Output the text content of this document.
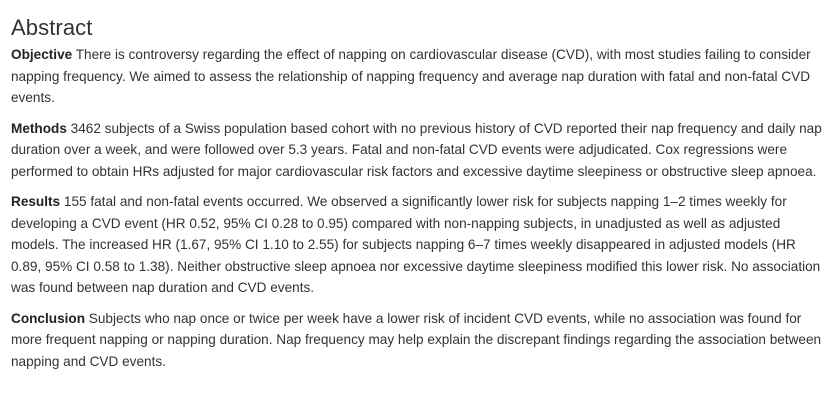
Abstract

Objective There is controversy regarding the effect of napping on cardiovascular disease (CVD), with most studies failing to consider napping frequency. We aimed to assess the relationship of napping frequency and average nap duration with fatal and non-fatal CVD events.

Methods 3462 subjects of a Swiss population based cohort with no previous history of CVD reported their nap frequency and daily nap duration over a week, and were followed over 5.3 years. Fatal and non-fatal CVD events were adjudicated. Cox regressions were performed to obtain HRs adjusted for major cardiovascular risk factors and excessive daytime sleepiness or obstructive sleep apnoea.

Results 155 fatal and non-fatal events occurred. We observed a significantly lower risk for subjects napping 1–2 times weekly for developing a CVD event (HR 0.52, 95% CI 0.28 to 0.95) compared with non-napping subjects, in unadjusted as well as adjusted models. The increased HR (1.67, 95% CI 1.10 to 2.55) for subjects napping 6–7 times weekly disappeared in adjusted models (HR 0.89, 95% CI 0.58 to 1.38). Neither obstructive sleep apnoea nor excessive daytime sleepiness modified this lower risk. No association was found between nap duration and CVD events.

Conclusion Subjects who nap once or twice per week have a lower risk of incident CVD events, while no association was found for more frequent napping or napping duration. Nap frequency may help explain the discrepant findings regarding the association between napping and CVD events.
